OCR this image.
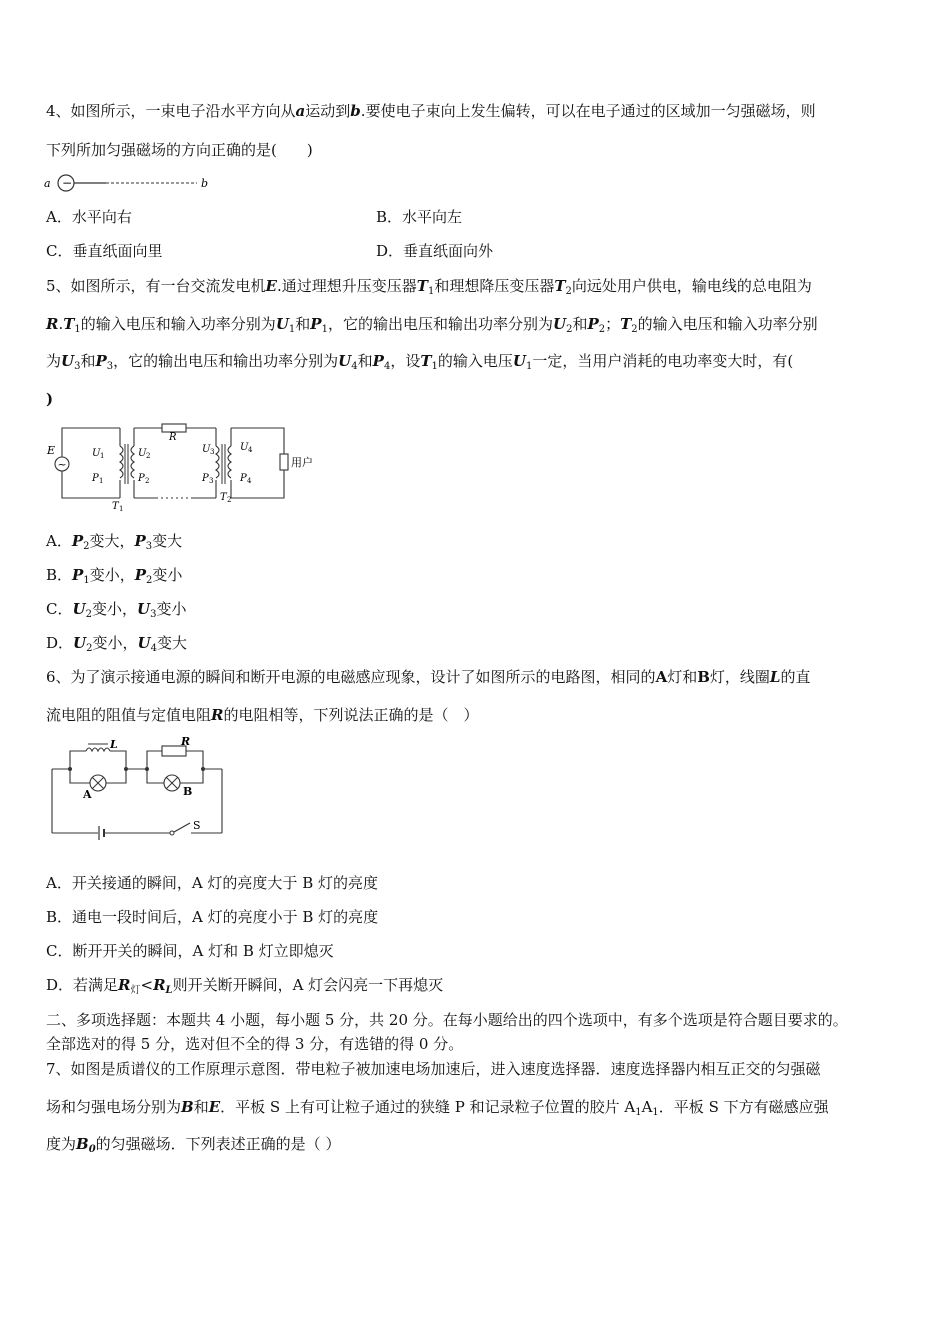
4、如图所示，一束电子沿水平方向从a运动到b.要使电子束向上发生偏转，可以在电子通过的区域加一匀强磁场，则
下列所加匀强磁场的方向正确的是(　　)
a −	b
A．水平向右	B．水平向左
C．垂直纸面向里	D．垂直纸面向外
5、如图所示，有一台交流发电机E.通过理想升压变压器$T_1$和理想降压变压器$T_2$向远处用户供电，输电线的总电阻为
$R.T_1$的输入电压和输入功率分别为$U_1$和$P_1$，它的输出电压和输出功率分别为$U_2$和$P_2$；$T_2$的输入电压和输入功率分别
为$U_3$和$P_3$，它的输出电压和输出功率分别为$U_4$和$P_4$，设$T_1$的输入电压$U_1$一定，当用户消耗的电功率变大时，有(
)
~
E	U 1
P 1
U 2
P 2
T 1
R
U 3
P 3
U 4
P 4
T 2
用户
A．$P_2$变大，$P_3$变大
B．$P_1$变小，$P_2$变小
C．$U_2$变小，$U_3$变小
D．$U_2$变小，$U_4$变大
6、为了演示接通电源的瞬间和断开电源的电磁感应现象，设计了如图所示的电路图，相同的A灯和B灯，线圈L的直
流电阻的阻值与定值电阻R的电阻相等，下列说法正确的是（　）
L
A
R
B
S
A．开关接通的瞬间，A 灯的亮度大于 B 灯的亮度
B．通电一段时间后，A 灯的亮度小于 B 灯的亮度
C．断开开关的瞬间，A 灯和 B 灯立即熄灭
D．若满足$R_灯<R_L$则开关断开瞬间，A 灯会闪亮一下再熄灭
二、多项选择题：本题共 4 小题，每小题 5 分，共 20 分。在每小题给出的四个选项中，有多个选项是符合题目要求的。
全部选对的得 5 分，选对但不全的得 3 分，有选错的得 0 分。
7、如图是质谱仪的工作原理示意图．带电粒子被加速电场加速后，进入速度选择器．速度选择器内相互正交的匀强磁
场和匀强电场分别为B和E．平板 S 上有可让粒子通过的狭缝 P 和记录粒子位置的胶片 $A_1A_1$．平板 S 下方有磁感应强
度为$B_0$的匀强磁场．下列表述正确的是（ ）
